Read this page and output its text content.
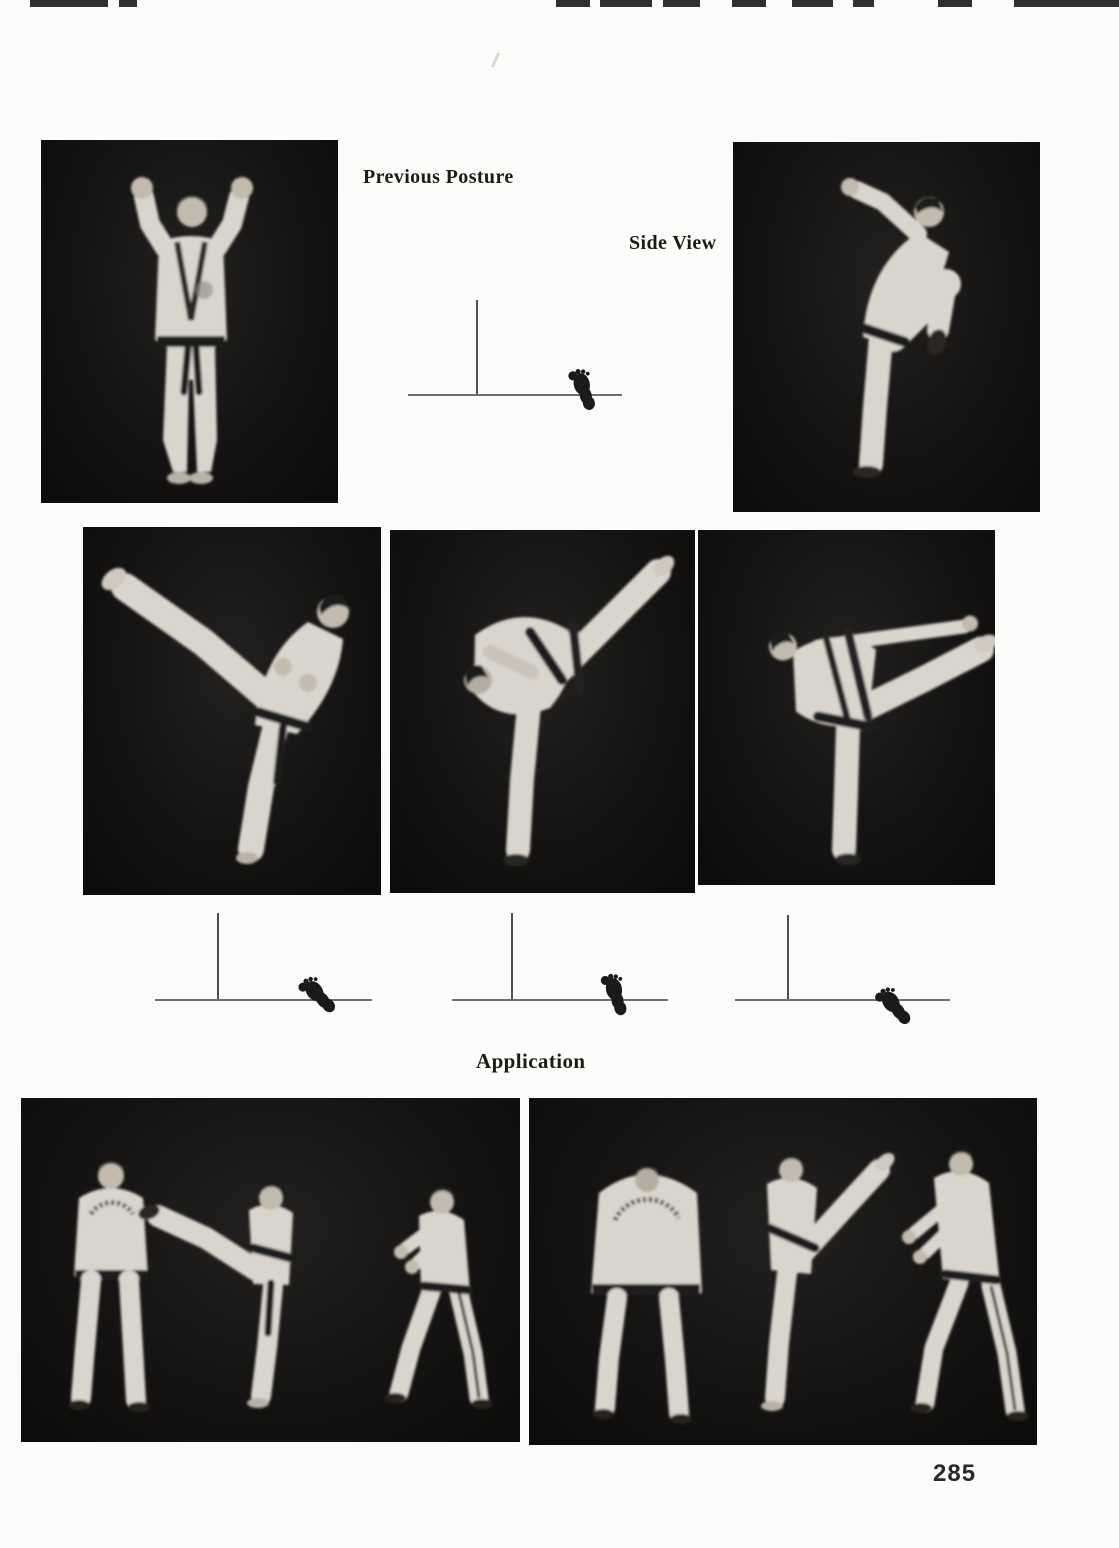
Previous Posture
Side View
Application
285
